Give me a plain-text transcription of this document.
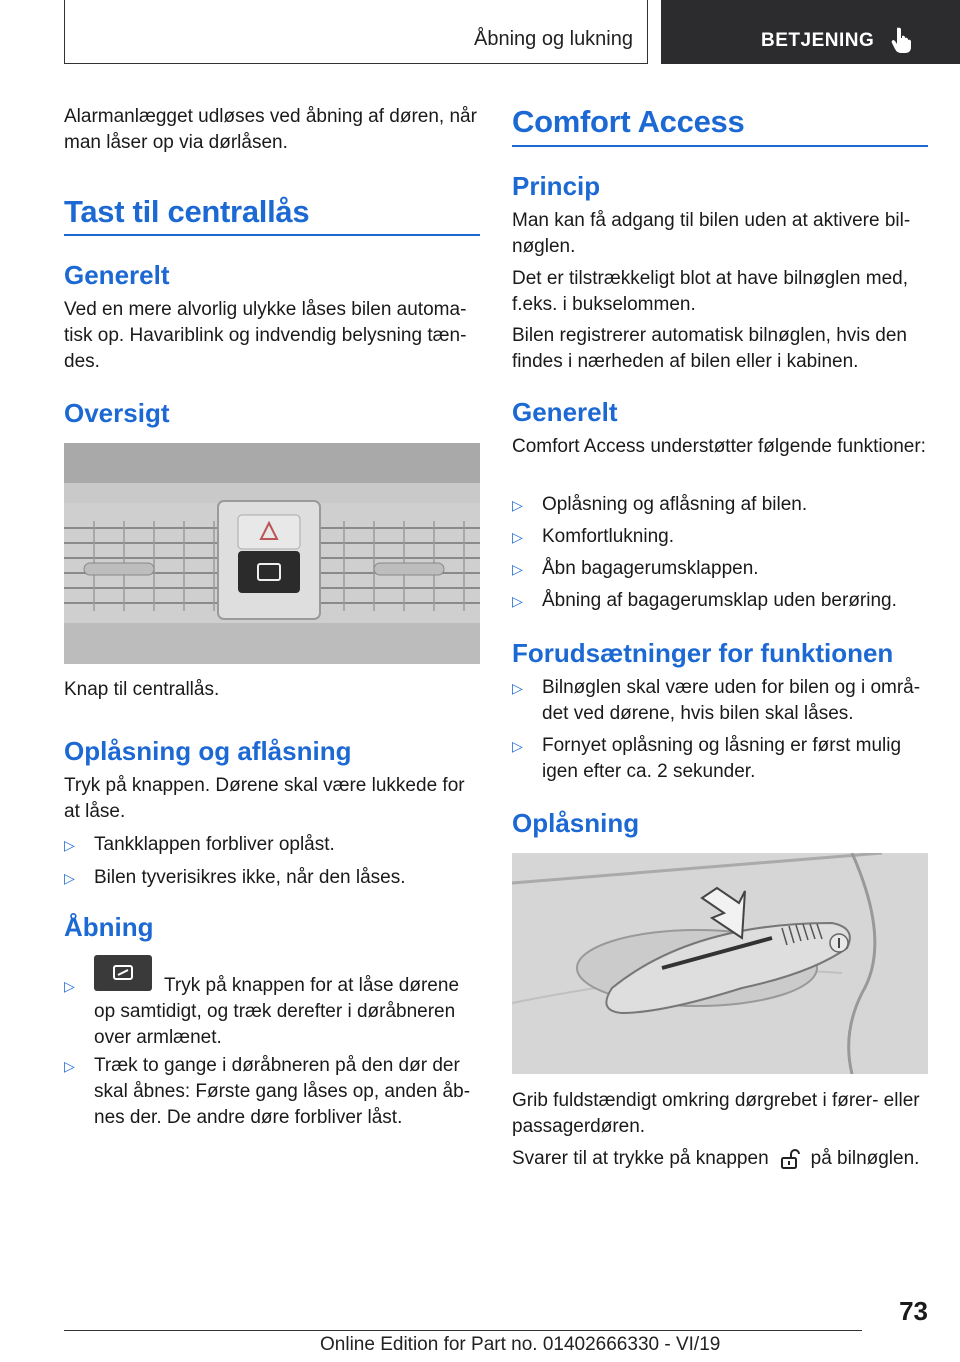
Åbning og lukning	BETJENING

Alarmanlægget udløses ved åbning af døren, når man låser op via dørlåsen.

Tast til centrallås
Generelt

Ved en mere alvorlig ulykke låses bilen automatisk op. Havariblink og indvendig belysning tændes.

Oversigt

Knap til centrallås.

Oplåsning og aflåsning

Tryk på knappen. Dørene skal være lukkede for at låse.

▷ Tankklappen forbliver oplåst.
▷ Bilen tyverisikres ikke, når den låses.
Åbning
▷	Tryk på knappen for at låse dørene op samtidigt, og træk derefter i døråbneren over armlænet.
▷ Træk to gange i døråbneren på den dør der skal åbnes: Første gang låses op, anden åbnes der. De andre døre forbliver låst.
Comfort Access
Princip

Man kan få adgang til bilen uden at aktivere bilnøglen.

Det er tilstrækkeligt blot at have bilnøglen med, f.eks. i bukselommen.

Bilen registrerer automatisk bilnøglen, hvis den findes i nærheden af bilen eller i kabinen.

Generelt

Comfort Access understøtter følgende funktioner:

▷ Oplåsning og aflåsning af bilen.
▷ Komfortlukning.
▷ Åbn bagagerumsklappen.
▷ Åbning af bagagerumsklap uden berøring.
Forudsætninger for funktionen
▷ Bilnøglen skal være uden for bilen og i området ved dørene, hvis bilen skal låses.
▷ Fornyet oplåsning og låsning er først mulig igen efter ca. 2 sekunder.
Oplåsning

Grib fuldstændigt omkring dørgrebet i fører- eller passagerdøren.

Svarer til at trykke på knappen på bilnøglen.

73
Online Edition for Part no. 01402666330 - VI/19
